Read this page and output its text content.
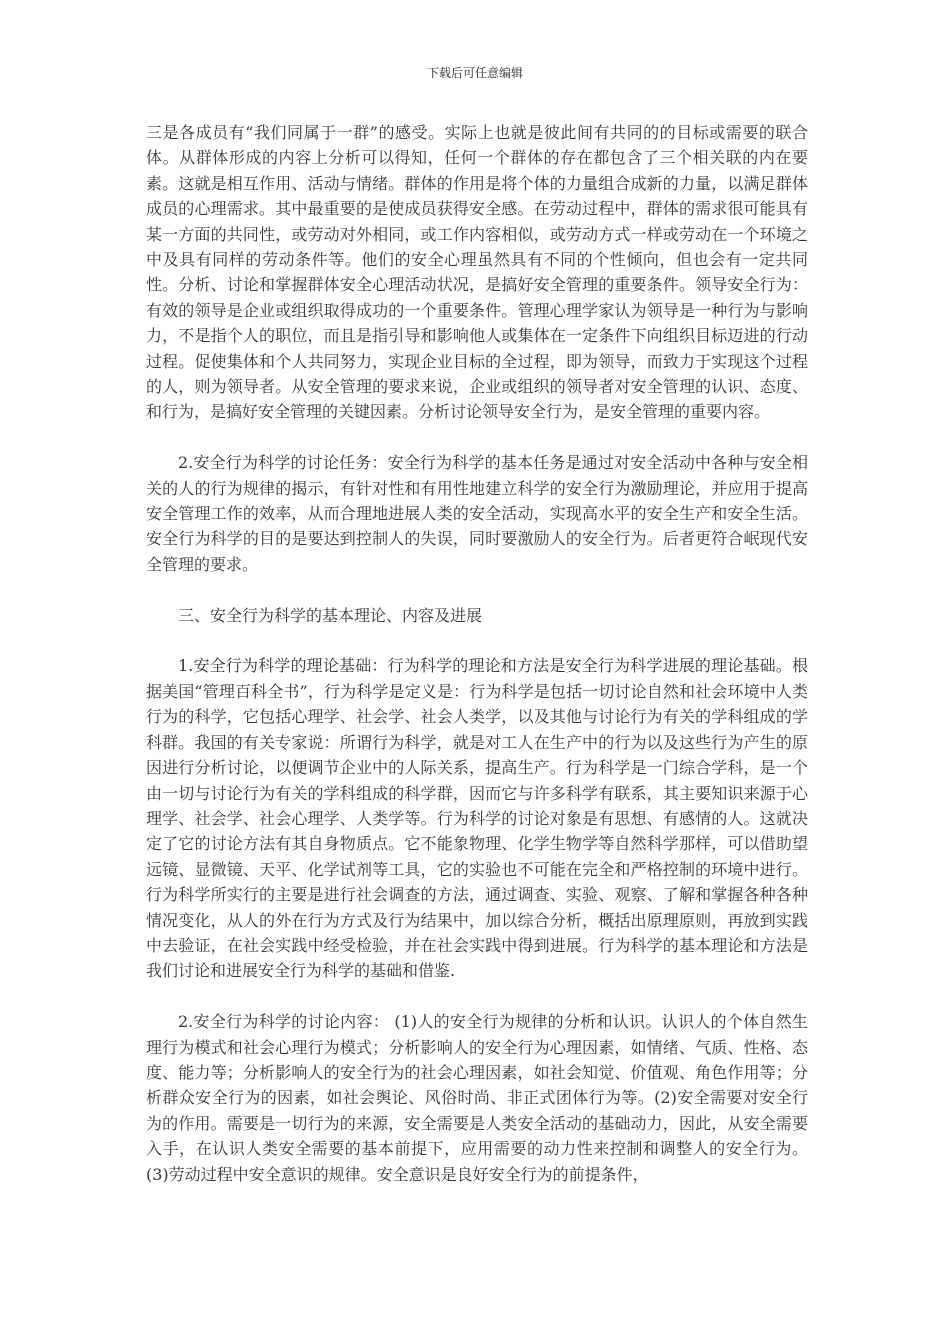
下载后可任意编辑

三是各成员有“我们同属于一群”的感受。实际上也就是彼此间有共同的的目标或需要的联合体。从群体形成的内容上分析可以得知，任何一个群体的存在都包含了三个相关联的内在要素。这就是相互作用、活动与情绪。群体的作用是将个体的力量组合成新的力量，以满足群体成员的心理需求。其中最重要的是使成员获得安全感。在劳动过程中，群体的需求很可能具有某一方面的共同性，或劳动对外相同，或工作内容相似，或劳动方式一样或劳动在一个环境之中及具有同样的劳动条件等。他们的安全心理虽然具有不同的个性倾向，但也会有一定共同性。分析、讨论和掌握群体安全心理活动状况，是搞好安全管理的重要条件。领导安全行为：有效的领导是企业或组织取得成功的一个重要条件。管理心理学家认为领导是一种行为与影响力，不是指个人的职位，而且是指引导和影响他人或集体在一定条件下向组织目标迈进的行动过程。促使集体和个人共同努力，实现企业目标的全过程，即为领导，而致力于实现这个过程的人，则为领导者。从安全管理的要求来说，企业或组织的领导者对安全管理的认识、态度、和行为，是搞好安全管理的关键因素。分析讨论领导安全行为，是安全管理的重要内容。

2.安全行为科学的讨论任务：安全行为科学的基本任务是通过对安全活动中各种与安全相关的人的行为规律的揭示，有针对性和有用性地建立科学的安全行为激励理论，并应用于提高安全管理工作的效率，从而合理地进展人类的安全活动，实现高水平的安全生产和安全生活。 安全行为科学的目的是要达到控制人的失误，同时要激励人的安全行为。后者更符合岷现代安全管理的要求。

三、安全行为科学的基本理论、内容及进展

1.安全行为科学的理论基础：行为科学的理论和方法是安全行为科学进展的理论基础。根据美国“管理百科全书”，行为科学是定义是：行为科学是包括一切讨论自然和社会环境中人类行为的科学，它包括心理学、社会学、社会人类学，以及其他与讨论行为有关的学科组成的学科群。我国的有关专家说：所谓行为科学，就是对工人在生产中的行为以及这些行为产生的原因进行分析讨论，以便调节企业中的人际关系，提高生产。行为科学是一门综合学科，是一个由一切与讨论行为有关的学科组成的科学群，因而它与许多科学有联系，其主要知识来源于心理学、社会学、社会心理学、人类学等。行为科学的讨论对象是有思想、有感情的人。这就决定了它的讨论方法有其自身物质点。它不能象物理、化学生物学等自然科学那样，可以借助望远镜、显微镜、天平、化学试剂等工具，它的实验也不可能在完全和严格控制的环境中进行。行为科学所实行的主要是进行社会调查的方法，通过调查、实验、观察、了解和掌握各种各种情况变化，从人的外在行为方式及行为结果中，加以综合分析，概括出原理原则，再放到实践中去验证，在社会实践中经受检验，并在社会实践中得到进展。行为科学的基本理论和方法是我们讨论和进展安全行为科学的基础和借鉴.

2.安全行为科学的讨论内容： (1)人的安全行为规律的分析和认识。认识人的个体自然生理行为模式和社会心理行为模式；分析影响人的安全行为心理因素，如情绪、气质、性格、态度、能力等；分析影响人的安全行为的社会心理因素，如社会知觉、价值观、角色作用等；分析群众安全行为的因素，如社会舆论、风俗时尚、非正式团体行为等。(2)安全需要对安全行为的作用。需要是一切行为的来源，安全需要是人类安全活动的基础动力，因此，从安全需要入手，在认识人类安全需要的基本前提下，应用需要的动力性来控制和调整人的安全行为。(3)劳动过程中安全意识的规律。安全意识是良好安全行为的前提条件，
